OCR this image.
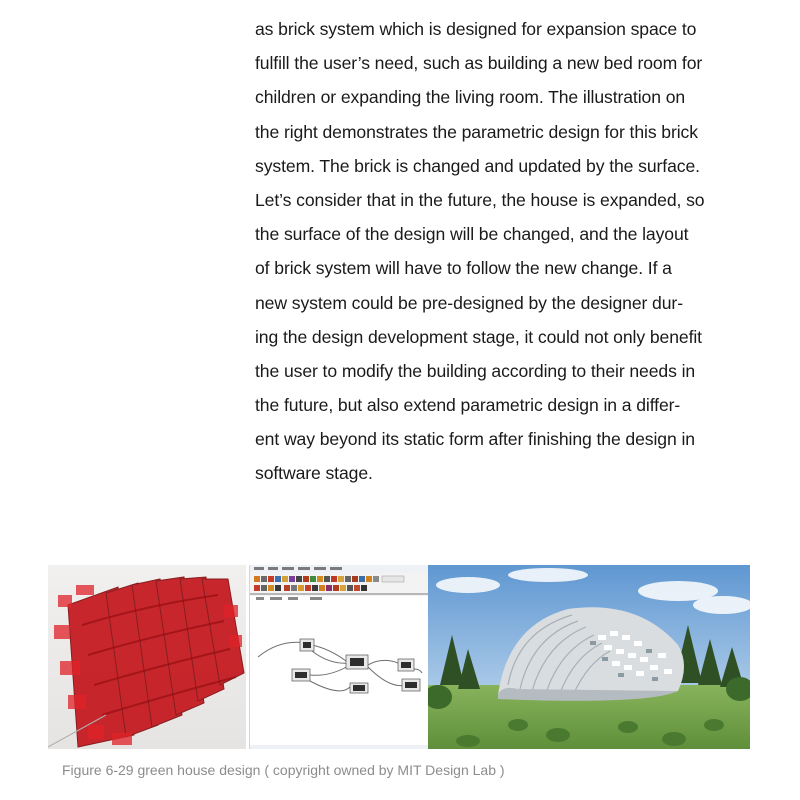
as brick system which is designed for expansion space to
fulfill the user’s need, such as building a new bed room for
children or expanding the living room. The illustration on
the right demonstrates the parametric design for this brick
system. The brick is changed and updated by the surface.
Let’s consider that in the future, the house is expanded, so
the surface of the design will be changed, and the layout
of brick system will have to follow the new change. If a
new system could be pre-designed by the designer dur-
ing the design development stage, it could not only benefit
the user to modify the building according to their needs in
the future, but also extend parametric design in a differ-
ent way beyond its static form after finishing the design in
software stage.
Figure 6-29 green house design ( copyright owned by MIT Design Lab )
